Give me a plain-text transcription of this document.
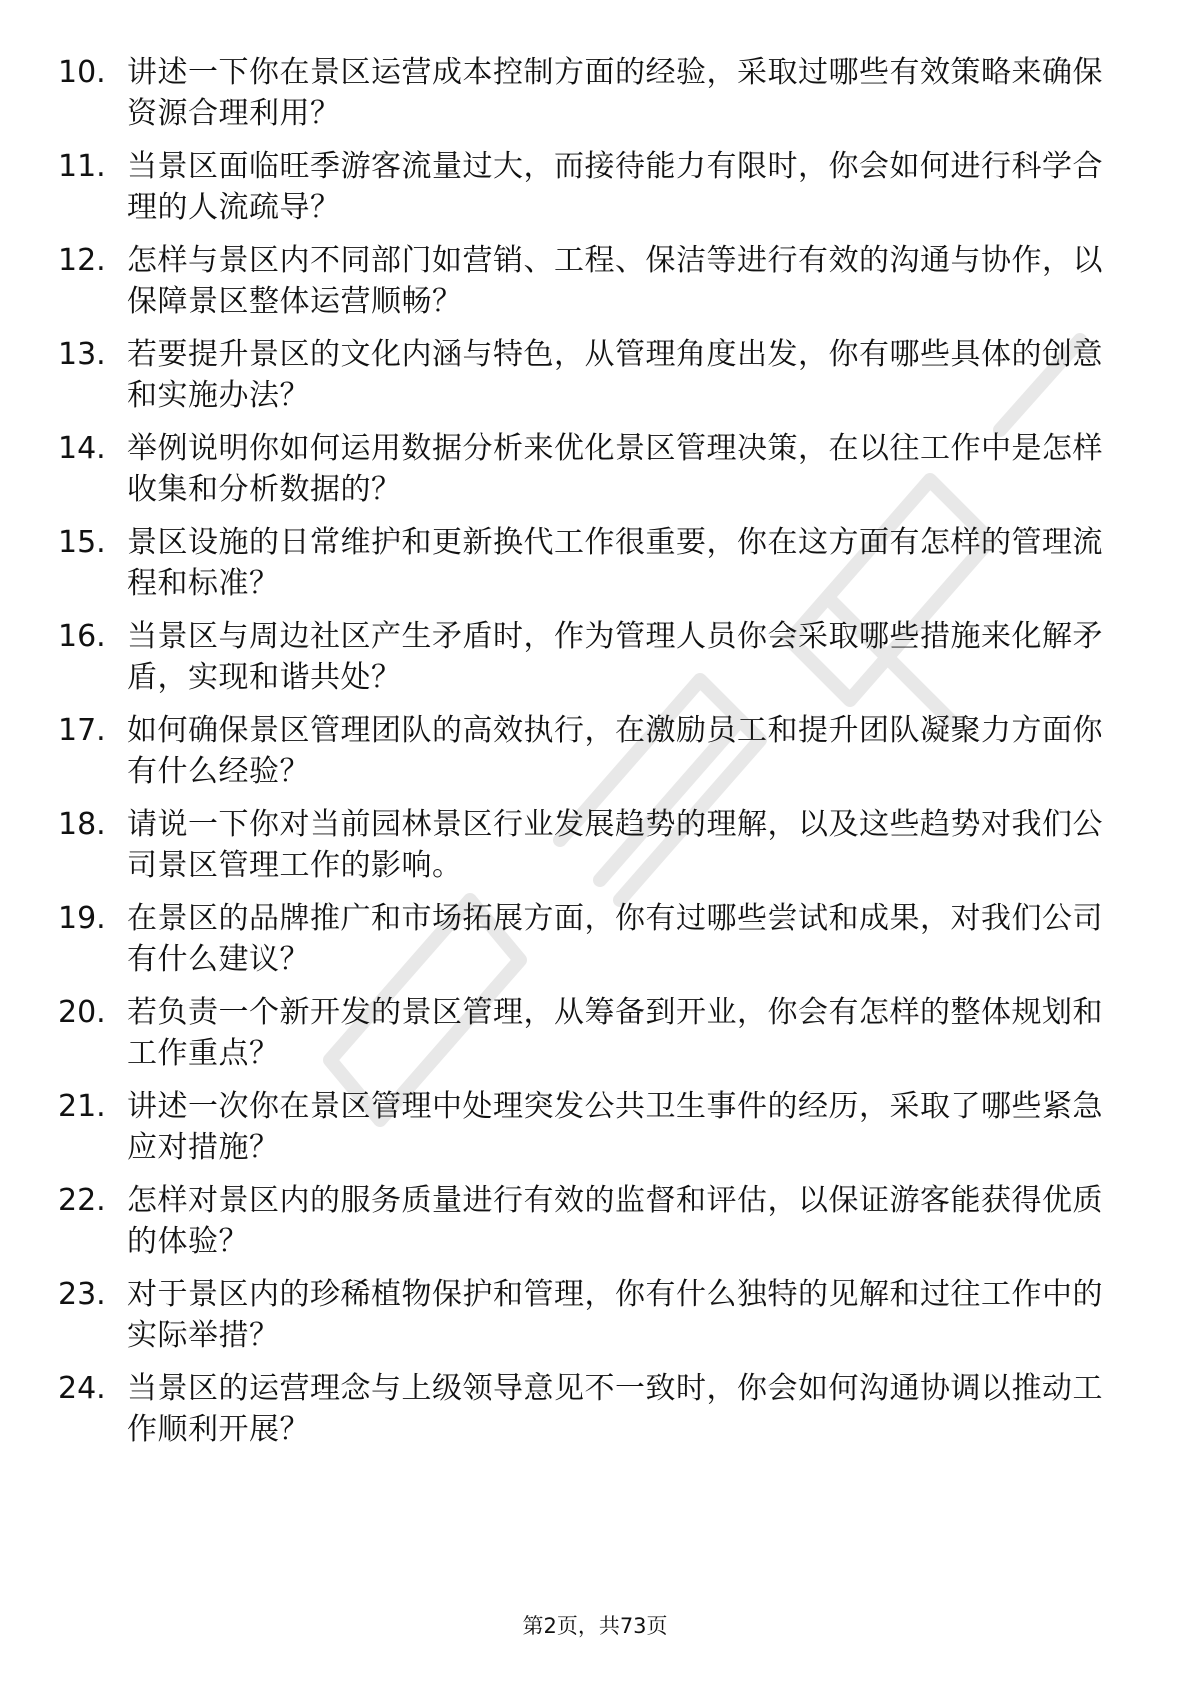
10. 讲述一下你在景区运营成本控制方面的经验，采取过哪些有效策略来确保资源合理利用？
11. 当景区面临旺季游客流量过大，而接待能力有限时，你会如何进行科学合理的人流疏导？
12. 怎样与景区内不同部门如营销、工程、保洁等进行有效的沟通与协作，以保障景区整体运营顺畅？
13. 若要提升景区的文化内涵与特色，从管理角度出发，你有哪些具体的创意和实施办法？
14. 举例说明你如何运用数据分析来优化景区管理决策，在以往工作中是怎样收集和分析数据的？
15. 景区设施的日常维护和更新换代工作很重要，你在这方面有怎样的管理流程和标准？
16. 当景区与周边社区产生矛盾时，作为管理人员你会采取哪些措施来化解矛盾，实现和谐共处？
17. 如何确保景区管理团队的高效执行，在激励员工和提升团队凝聚力方面你有什么经验？
18. 请说一下你对当前园林景区行业发展趋势的理解，以及这些趋势对我们公司景区管理工作的影响。
19. 在景区的品牌推广和市场拓展方面，你有过哪些尝试和成果，对我们公司有什么建议？
20. 若负责一个新开发的景区管理，从筹备到开业，你会有怎样的整体规划和工作重点？
21. 讲述一次你在景区管理中处理突发公共卫生事件的经历，采取了哪些紧急应对措施？
22. 怎样对景区内的服务质量进行有效的监督和评估，以保证游客能获得优质的体验？
23. 对于景区内的珍稀植物保护和管理，你有什么独特的见解和过往工作中的实际举措？
24. 当景区的运营理念与上级领导意见不一致时，你会如何沟通协调以推动工作顺利开展？
第2页，共73页
